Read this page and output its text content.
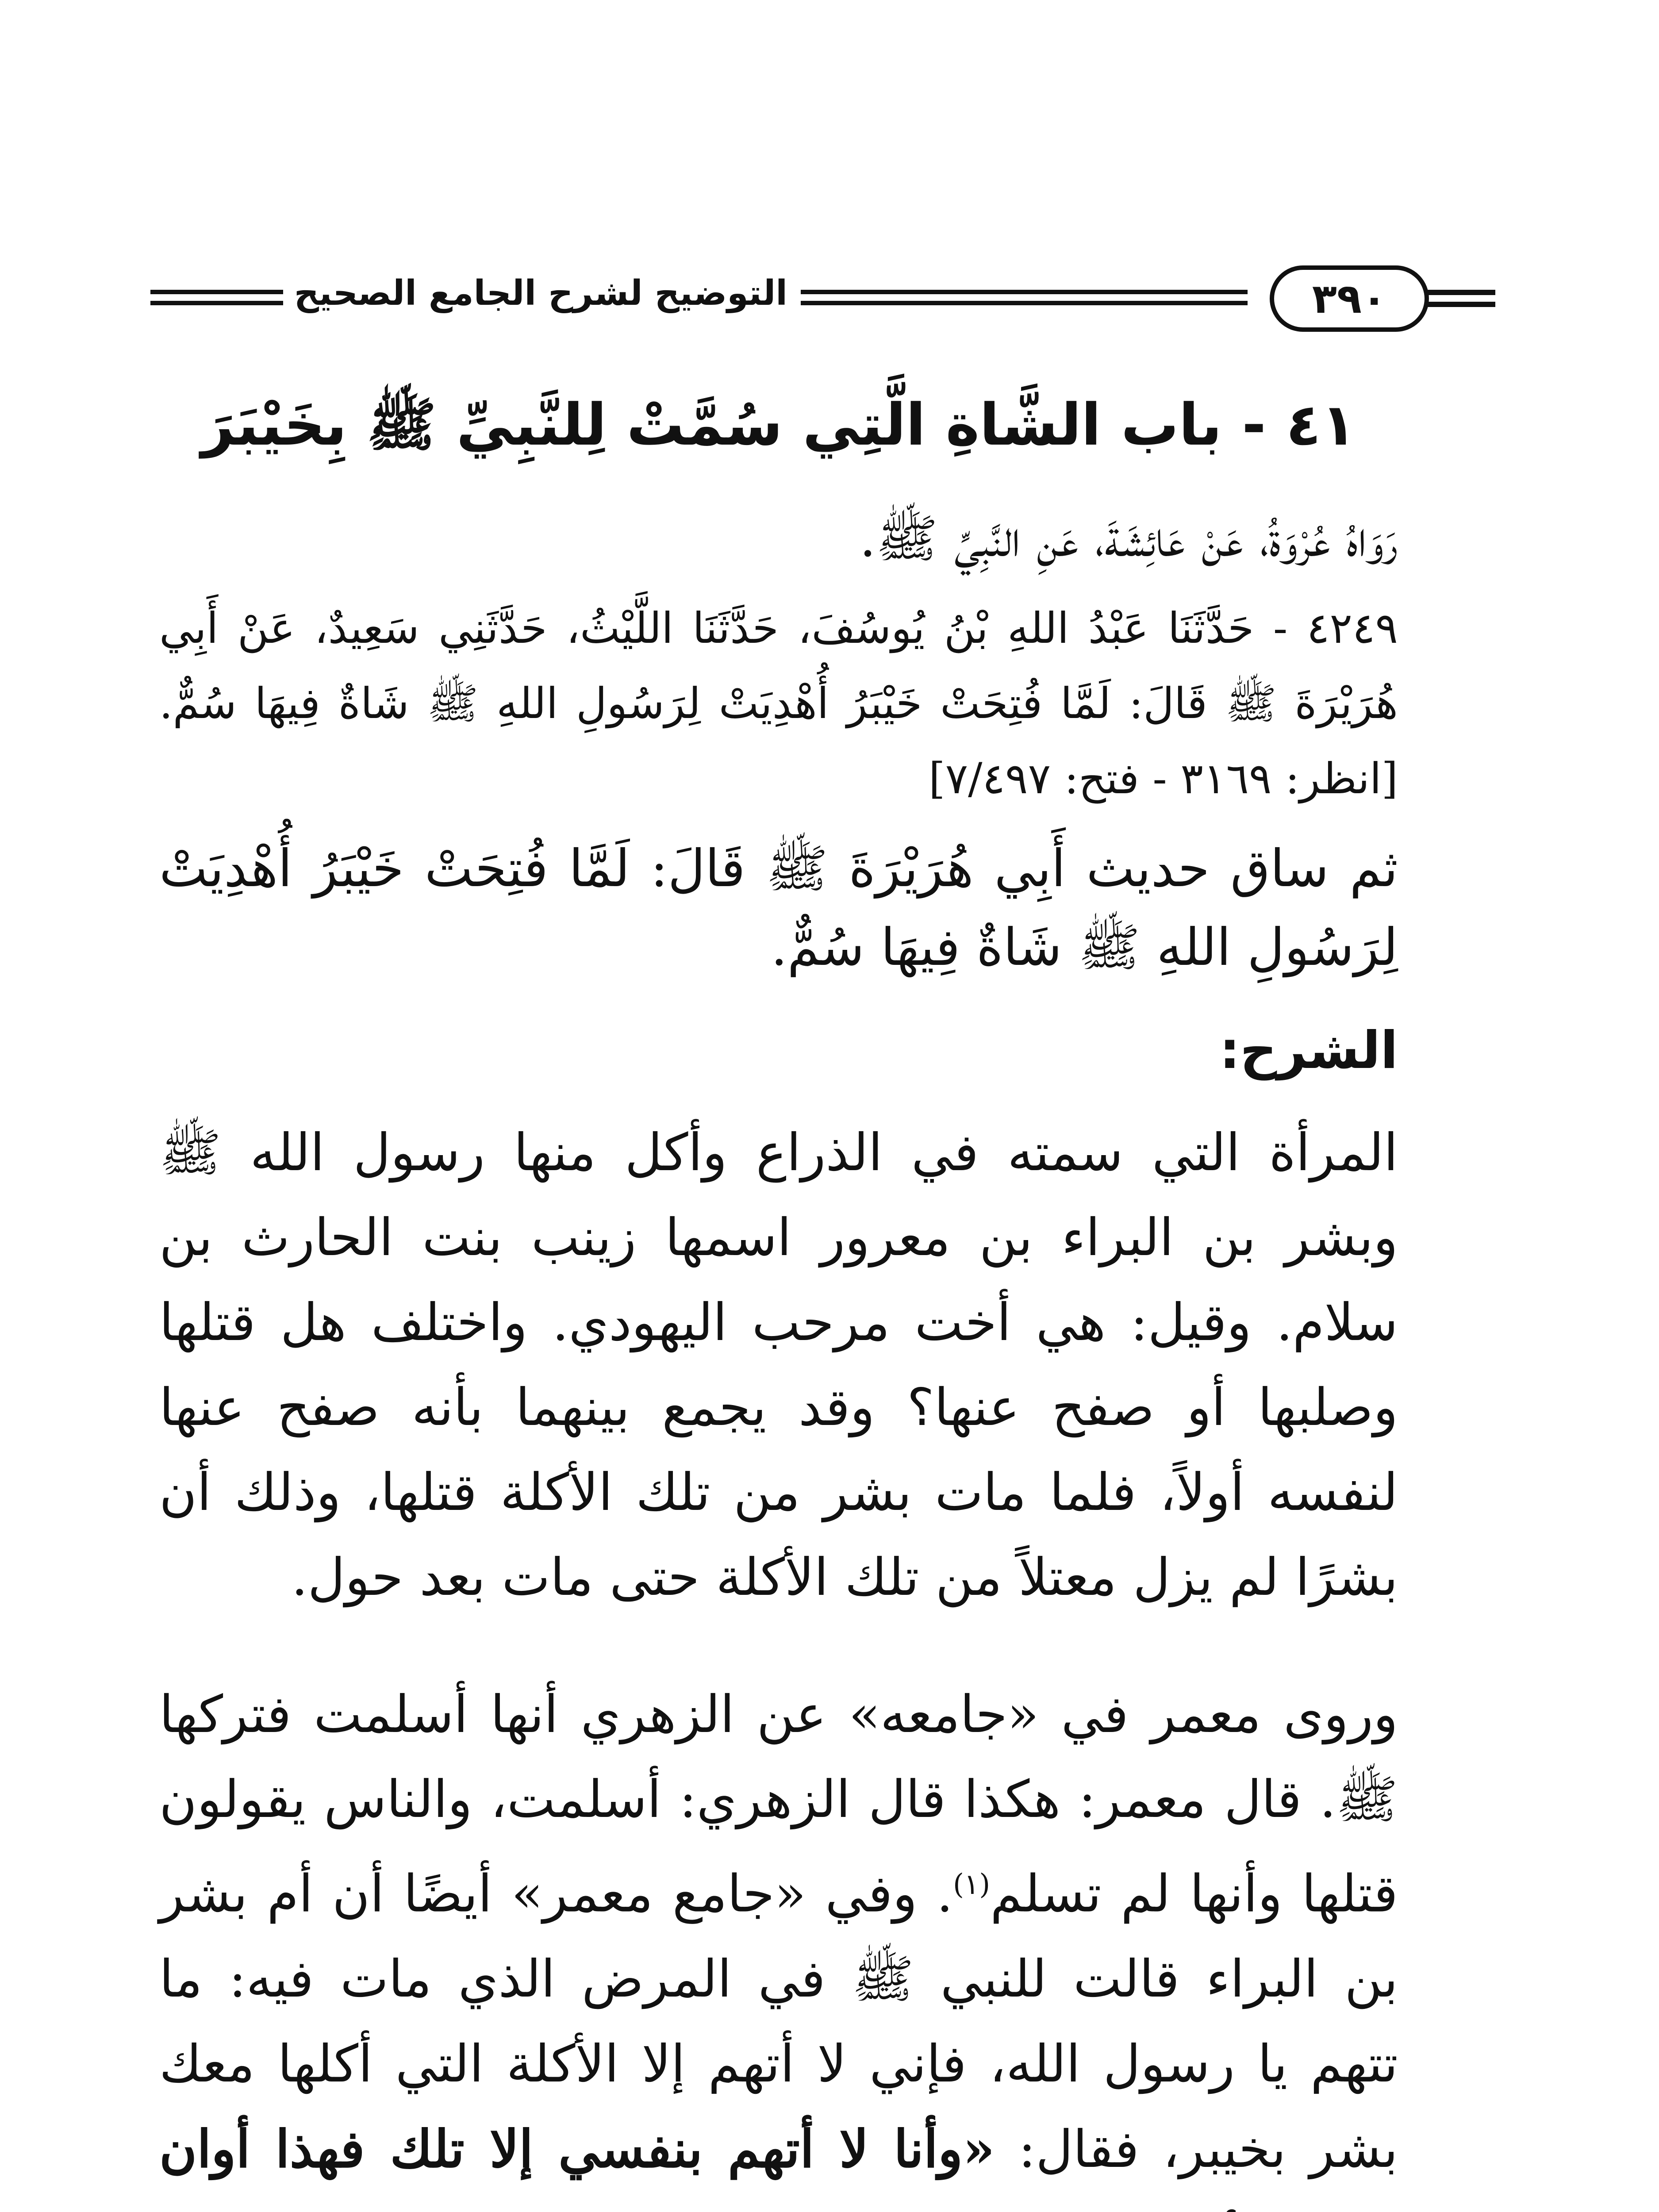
٣٩٠
التوضيح لشرح الجامع الصحيح
٤١ - باب الشَّاةِ الَّتِي سُمَّتْ لِلنَّبِيِّ ﷺ بِخَيْبَرَ
رَوَاهُ عُرْوَةُ، عَنْ عَائِشَةَ، عَنِ النَّبِيِّ ﷺ.
٤٢٤٩ - حَدَّثَنَا عَبْدُ اللهِ بْنُ يُوسُفَ، حَدَّثَنَا اللَّيْثُ، حَدَّثَنِي سَعِيدٌ، عَنْ أَبِي هُرَيْرَةَ ﷺ قَالَ: لَمَّا فُتِحَتْ خَيْبَرُ أُهْدِيَتْ لِرَسُولِ اللهِ ﷺ شَاةٌ فِيهَا سُمٌّ. [انظر: ٣١٦٩ - فتح: ٧/٤٩٧]
ثم ساق حديث أَبِي هُرَيْرَةَ ﷺ قَالَ: لَمَّا فُتِحَتْ خَيْبَرُ أُهْدِيَتْ لِرَسُولِ اللهِ ﷺ شَاةٌ فِيهَا سُمٌّ.
الشرح:
المرأة التي سمته في الذراع وأكل منها رسول الله ﷺ وبشر بن البراء بن معرور اسمها زينب بنت الحارث بن سلام. وقيل: هي أخت مرحب اليهودي. واختلف هل قتلها وصلبها أو صفح عنها؟ وقد يجمع بينهما بأنه صفح عنها لنفسه أولاً، فلما مات بشر من تلك الأكلة قتلها، وذلك أن بشرًا لم يزل معتلاً من تلك الأكلة حتى مات بعد حول.
وروى معمر في «جامعه» عن الزهري أنها أسلمت فتركها ﷺ. قال معمر: هكذا قال الزهري: أسلمت، والناس يقولون قتلها وأنها لم تسلم$^{(١)}$. وفي «جامع معمر» أيضًا أن أم بشر بن البراء قالت للنبي ﷺ في المرض الذي مات فيه: ما تتهم يا رسول الله، فإني لا أتهم إلا الأكلة التي أكلها معك بشر بخيبر، فقال: «وأنا لا أتهم بنفسي إلا تلك فهذا أوان
